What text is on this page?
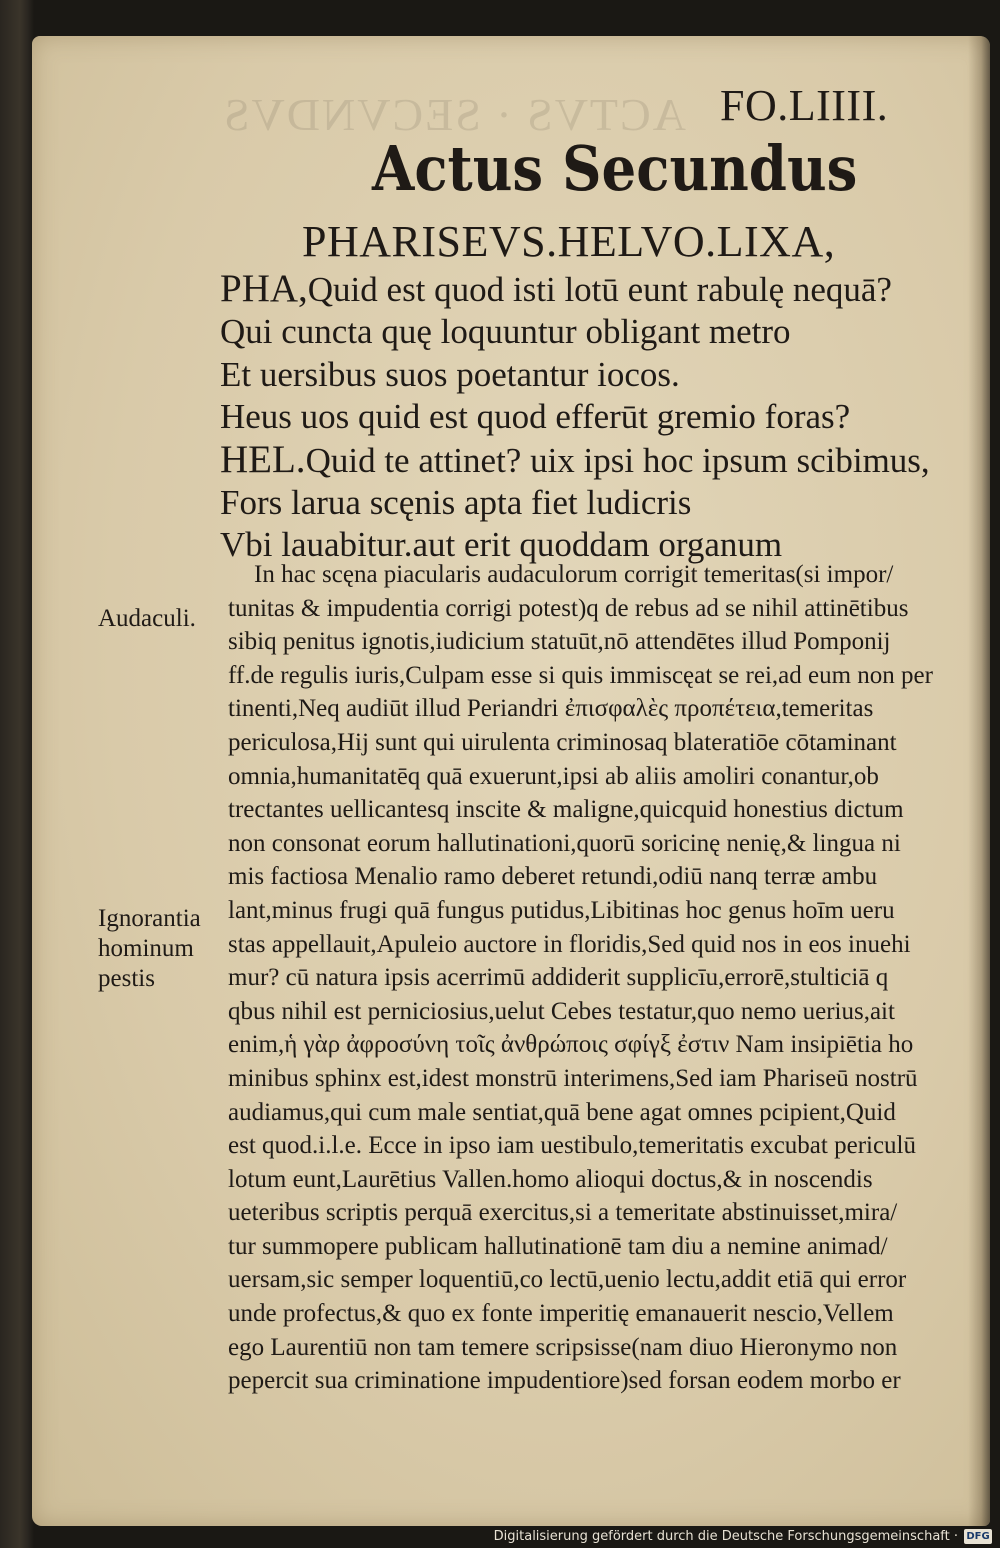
ACTVS · SECVNDVS FO.LIIII.
Actus Secundus
PHARISEVS.HELVO.LIXA,
PHA,Quid est quod isti lotū eunt rabulę nequā?
Qui cuncta quę loquuntur obligant metro
Et uersibus suos poetantur iocos.
Heus uos quid est quod efferūt gremio foras?
HEL.Quid te attinet? uix ipsi hoc ipsum scibimus,
Fors larua scęnis apta fiet ludicris
Vbi lauabitur.aut erit quoddam organum
Audaculi.
Ignorantia
hominum
pestis
In hac scęna piacularis audaculorum corrigit temeritas(si impor/
tunitas & impudentia corrigi potest)q de rebus ad se nihil attinētibus
sibiq penitus ignotis,iudicium statuūt,nō attendētes illud Pomponij
ff.de regulis iuris,Culpam esse si quis immiscęat se rei,ad eum non per
tinenti,Neq audiūt illud Periandri ἐπισφαλὲς προπέτεια,temeritas
periculosa,Hij sunt qui uirulenta criminosaq blateratiōe cōtaminant
omnia,humanitatēq quā exuerunt,ipsi ab aliis amoliri conantur,ob
trectantes uellicantesq inscite & maligne,quicquid honestius dictum
non consonat eorum hallutinationi,quorū soricinę nenię,& lingua ni
mis factiosa Menalio ramo deberet retundi,odiū nanq terræ ambu
lant,minus frugi quā fungus putidus,Libitinas hoc genus hoīm ueru
stas appellauit,Apuleio auctore in floridis,Sed quid nos in eos inuehi
mur? cū natura ipsis acerrimū addiderit supplicīu,errorē,stulticiā q
qbus nihil est perniciosius,uelut Cebes testatur,quo nemo uerius,ait
enim,ἡ γὰρ ἀφροσύνη τοῖς ἀνθρώποις σφίγξ ἐστιν Nam insipiētia ho
minibus sphinx est,idest monstrū interimens,Sed iam Phariseū nostrū
audiamus,qui cum male sentiat,quā bene agat omnes pcipient,Quid
est quod.i.l.e. Ecce in ipso iam uestibulo,temeritatis excubat periculū
lotum eunt,Laurētius Vallen.homo alioqui doctus,& in noscendis
ueteribus scriptis perquā exercitus,si a temeritate abstinuisset,mira/
tur summopere publicam hallutinationē tam diu a nemine animad/
uersam,sic semper loquentiū,co lectū,uenio lectu,addit etiā qui error
unde profectus,& quo ex fonte imperitię emanauerit nescio,Vellem
ego Laurentiū non tam temere scripsisse(nam diuo Hieronymo non
pepercit sua criminatione impudentiore)sed forsan eodem morbo er
Digitalisierung gefördert durch die Deutsche Forschungsgemeinschaft · DFG
